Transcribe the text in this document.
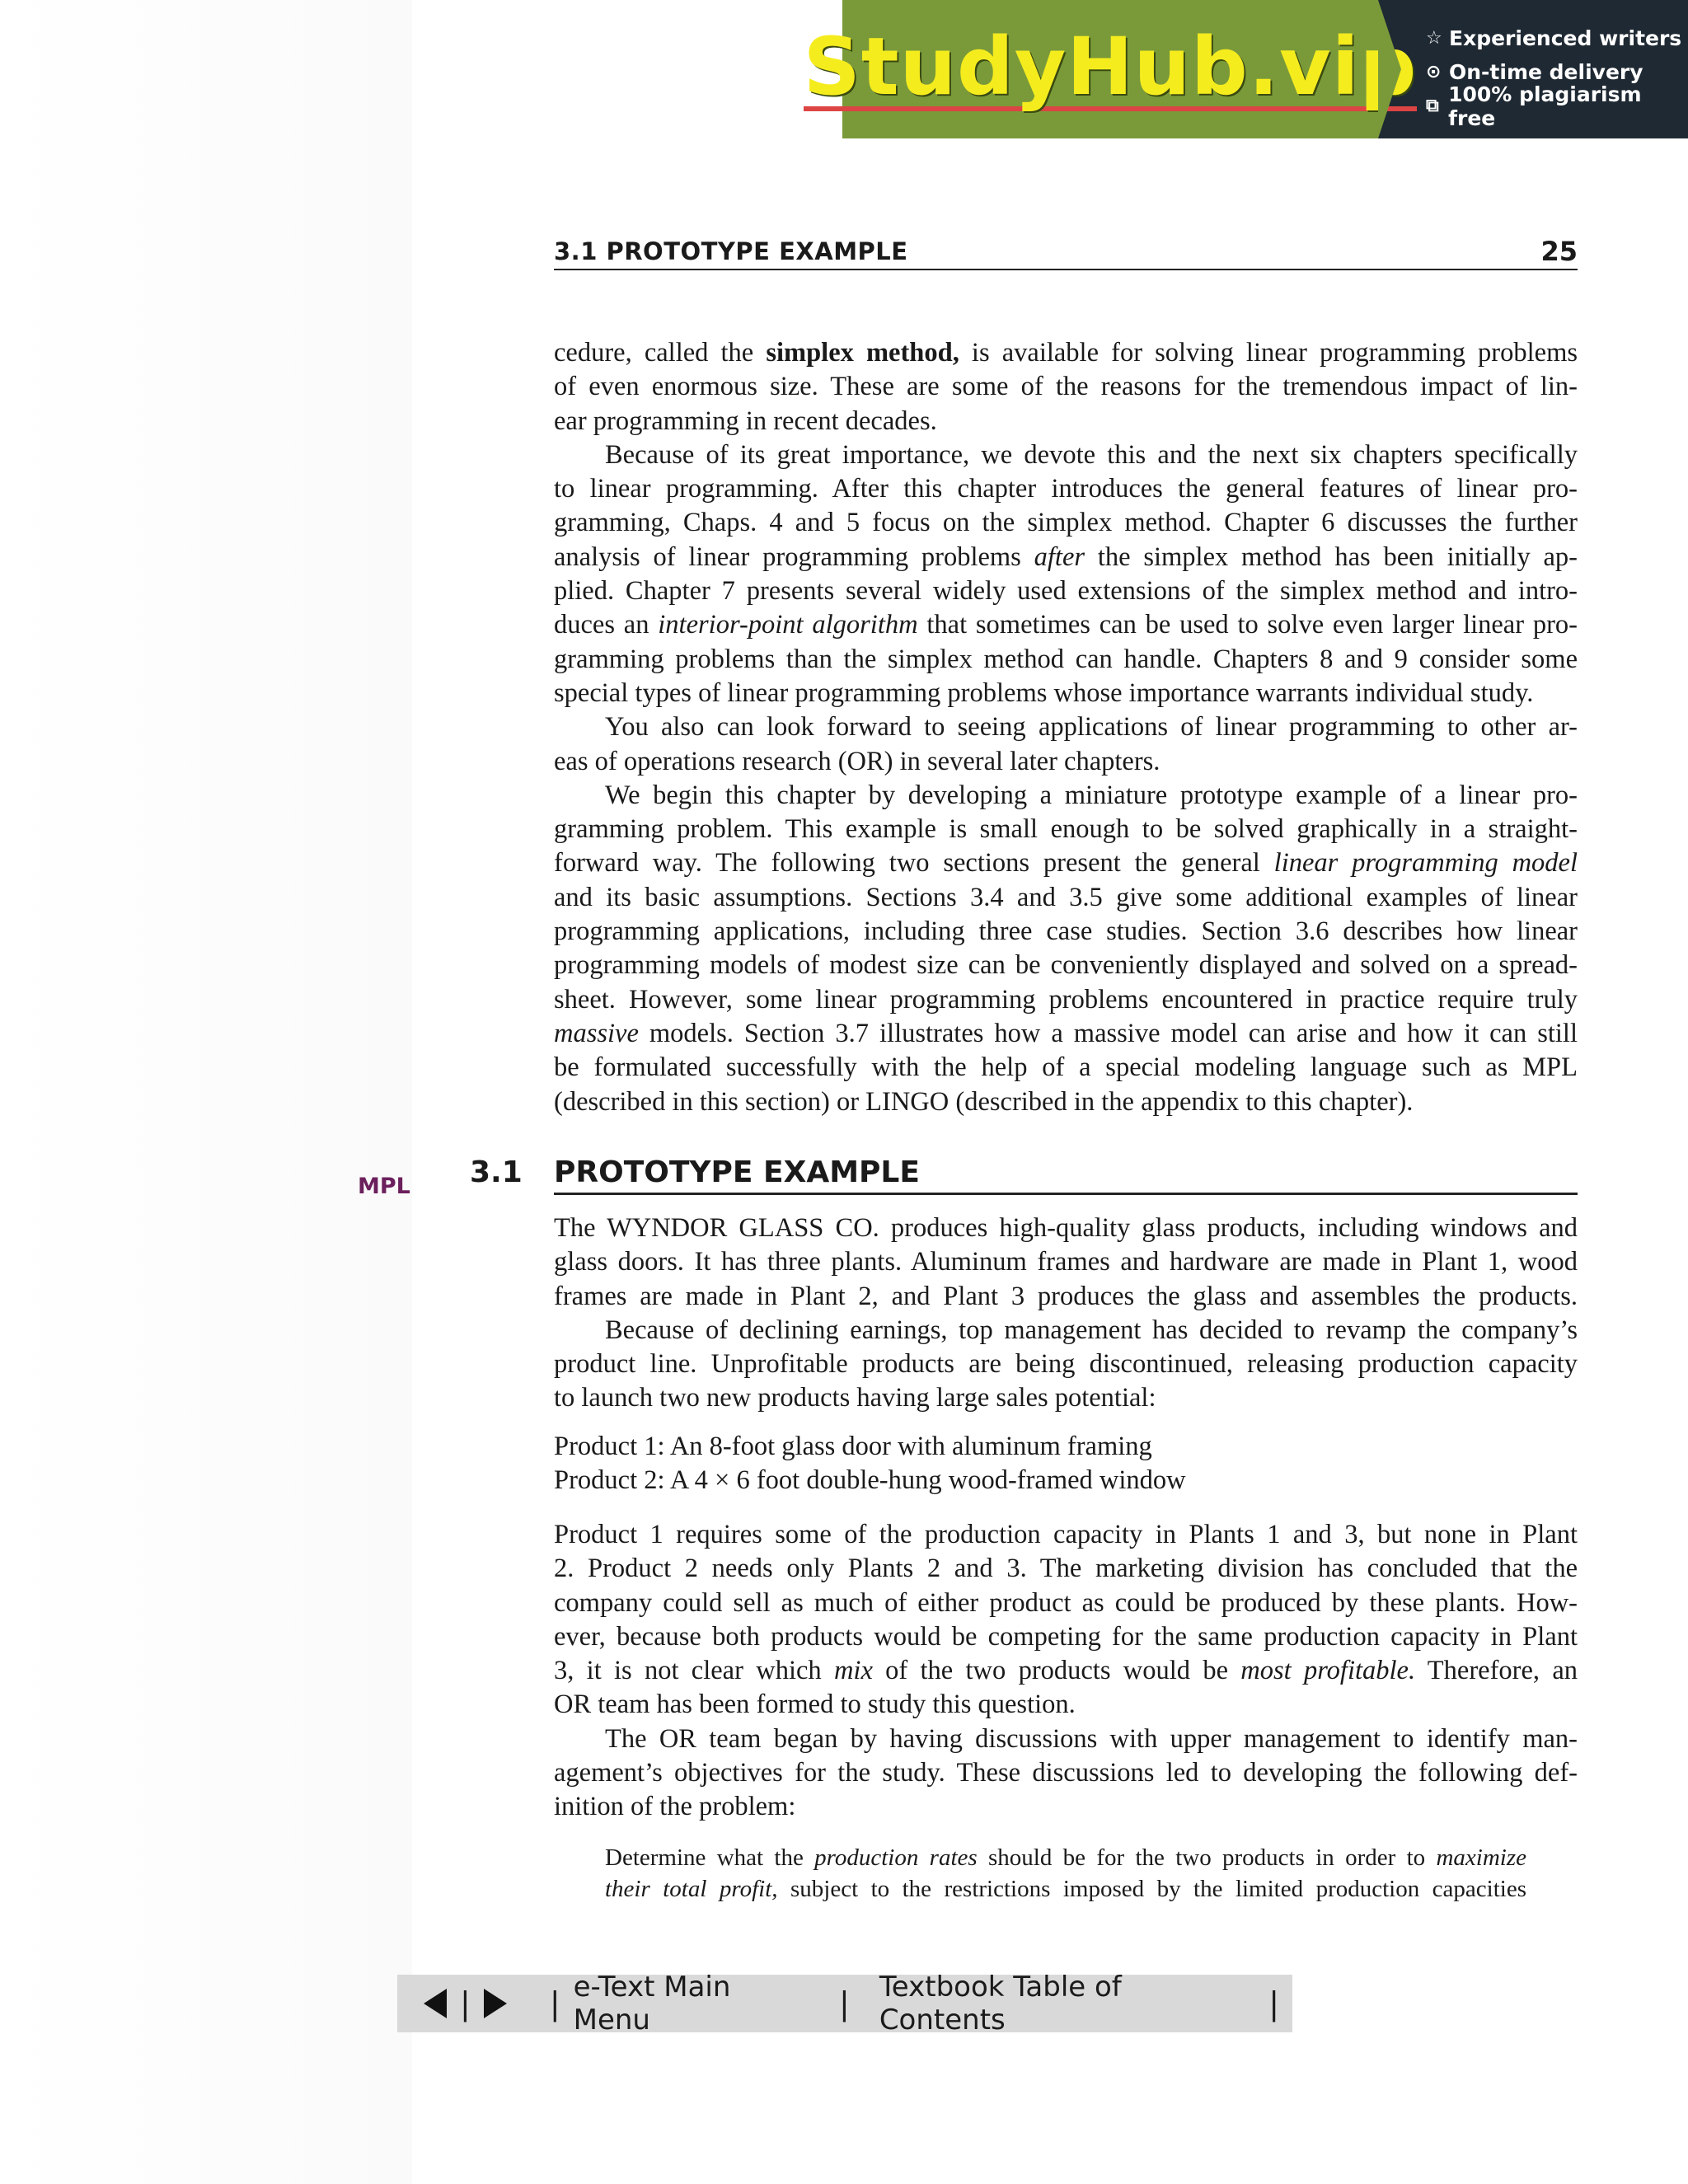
StudyHub.vip ☆ Experienced writers
⊙ On-time delivery
⧉ 100% plagiarism free
3.1 PROTOTYPE EXAMPLE	25
cedure, called the simplex method, is available for solving linear programming problems
of even enormous size. These are some of the reasons for the tremendous impact of lin-
ear programming in recent decades.
Because of its great importance, we devote this and the next six chapters specifically
to linear programming. After this chapter introduces the general features of linear pro-
gramming, Chaps. 4 and 5 focus on the simplex method. Chapter 6 discusses the further
analysis of linear programming problems after the simplex method has been initially ap-
plied. Chapter 7 presents several widely used extensions of the simplex method and intro-
duces an interior-point algorithm that sometimes can be used to solve even larger linear pro-
gramming problems than the simplex method can handle. Chapters 8 and 9 consider some
special types of linear programming problems whose importance warrants individual study.
You also can look forward to seeing applications of linear programming to other ar-
eas of operations research (OR) in several later chapters.
We begin this chapter by developing a miniature prototype example of a linear pro-
gramming problem. This example is small enough to be solved graphically in a straight-
forward way. The following two sections present the general linear programming model
and its basic assumptions. Sections 3.4 and 3.5 give some additional examples of linear
programming applications, including three case studies. Section 3.6 describes how linear
programming models of modest size can be conveniently displayed and solved on a spread-
sheet. However, some linear programming problems encountered in practice require truly
massive models. Section 3.7 illustrates how a massive model can arise and how it can still
be formulated successfully with the help of a special modeling language such as MPL
(described in this section) or LINGO (described in the appendix to this chapter).
MPL 3.1 PROTOTYPE EXAMPLE
The WYNDOR GLASS CO. produces high-quality glass products, including windows and
glass doors. It has three plants. Aluminum frames and hardware are made in Plant 1, wood
frames are made in Plant 2, and Plant 3 produces the glass and assembles the products.
Because of declining earnings, top management has decided to revamp the company’s
product line. Unprofitable products are being discontinued, releasing production capacity
to launch two new products having large sales potential:
Product 1: An 8-foot glass door with aluminum framing
Product 2: A 4 × 6 foot double-hung wood-framed window
Product 1 requires some of the production capacity in Plants 1 and 3, but none in Plant
2. Product 2 needs only Plants 2 and 3. The marketing division has concluded that the
company could sell as much of either product as could be produced by these plants. How-
ever, because both products would be competing for the same production capacity in Plant
3, it is not clear which mix of the two products would be most profitable. Therefore, an
OR team has been formed to study this question.
The OR team began by having discussions with upper management to identify man-
agement’s objectives for the study. These discussions led to developing the following def-
inition of the problem:
Determine what the production rates should be for the two products in order to maximize
their total profit, subject to the restrictions imposed by the limited production capacities
|	| e-Text Main Menu	| Textbook Table of Contents	|
